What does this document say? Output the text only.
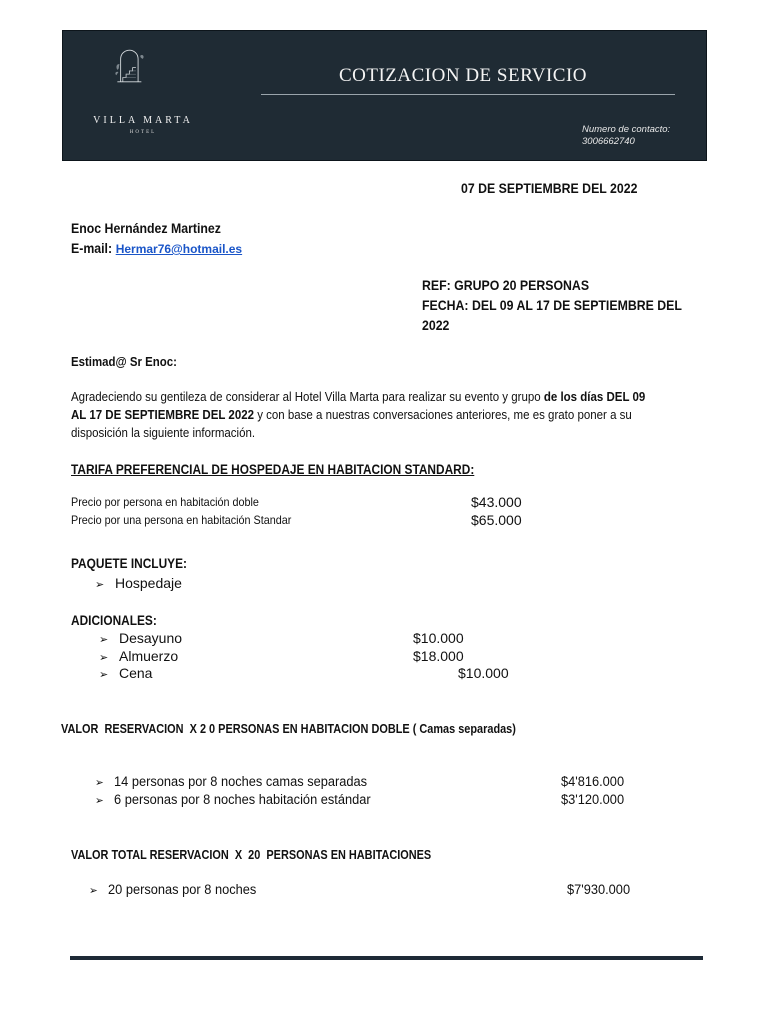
VILLA MARTA
HOTEL
COTIZACION DE SERVICIO
Numero de contacto:
3006662740
07 DE SEPTIEMBRE DEL 2022
Enoc Hernández Martinez
E-mail: Hermar76@hotmail.es
REF: GRUPO 20 PERSONAS
FECHA: DEL 09 AL 17 DE SEPTIEMBRE DEL
2022
Estimad@ Sr Enoc:
Agradeciendo su gentileza de considerar al Hotel Villa Marta para realizar su evento y grupo de los días DEL 09 AL 17 DE SEPTIEMBRE DEL 2022 y con base a nuestras conversaciones anteriores, me es grato poner a su disposición la siguiente información.
TARIFA PREFERENCIAL DE HOSPEDAJE EN HABITACION STANDARD:
Precio por persona en habitación doble	$43.000
Precio por una persona en habitación Standar	$65.000
PAQUETE INCLUYE:
➢ Hospedaje
ADICIONALES:
➢ Desayuno	$10.000
➢ Almuerzo	$18.000
➢ Cena	$10.000
VALOR  RESERVACION  X 2 0 PERSONAS EN HABITACION DOBLE ( Camas separadas)
➢ 14 personas por 8 noches camas separadas	$4'816.000
➢ 6 personas por 8 noches habitación estándar	$3'120.000
VALOR TOTAL RESERVACION  X  20  PERSONAS EN HABITACIONES
➢ 20 personas por 8 noches	$7'930.000
